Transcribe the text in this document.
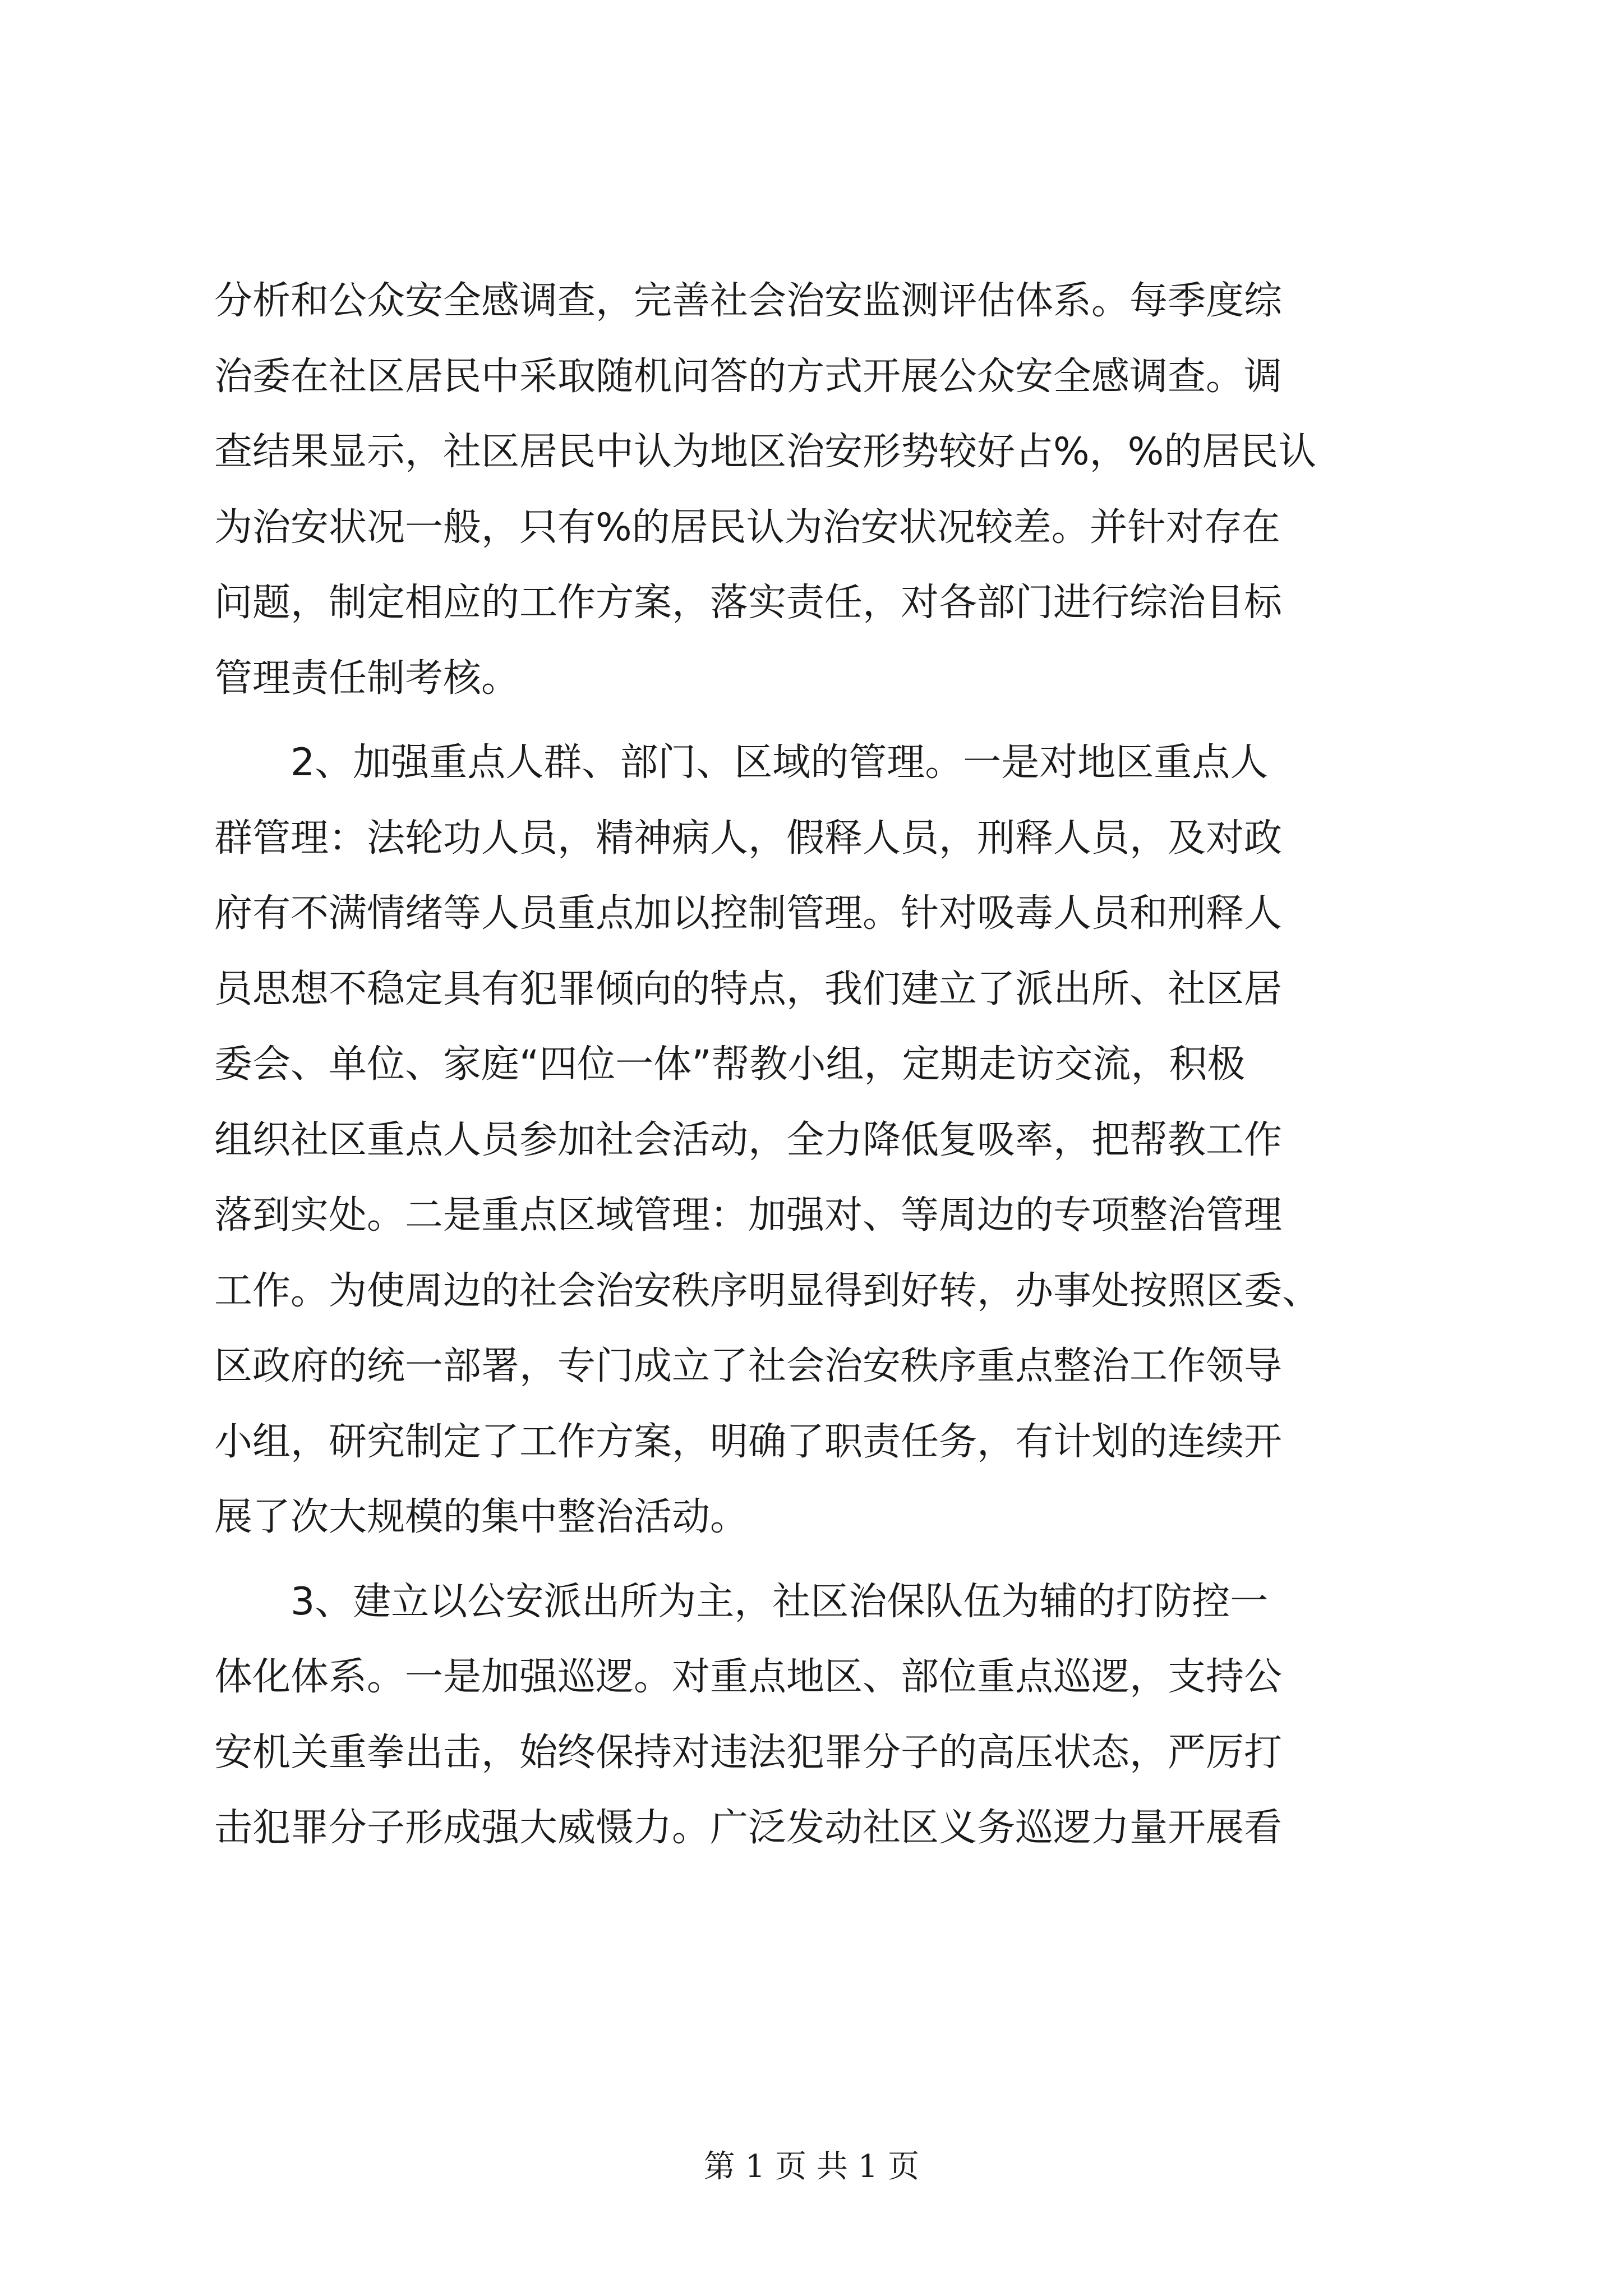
分析和公众安全感调查，完善社会治安监测评估体系。每季度综
治委在社区居民中采取随机问答的方式开展公众安全感调查。调
查结果显示，社区居民中认为地区治安形势较好占%，%的居民认
为治安状况一般，只有%的居民认为治安状况较差。并针对存在
问题，制定相应的工作方案，落实责任，对各部门进行综治目标
管理责任制考核。
　　2、加强重点人群、部门、区域的管理。一是对地区重点人
群管理：法轮功人员，精神病人，假释人员，刑释人员，及对政
府有不满情绪等人员重点加以控制管理。针对吸毒人员和刑释人
员思想不稳定具有犯罪倾向的特点，我们建立了派出所、社区居
委会、单位、家庭“四位一体”帮教小组，定期走访交流，积极
组织社区重点人员参加社会活动，全力降低复吸率，把帮教工作
落到实处。二是重点区域管理：加强对、等周边的专项整治管理
工作。为使周边的社会治安秩序明显得到好转，办事处按照区委、
区政府的统一部署，专门成立了社会治安秩序重点整治工作领导
小组，研究制定了工作方案，明确了职责任务，有计划的连续开
展了次大规模的集中整治活动。
　　3、建立以公安派出所为主，社区治保队伍为辅的打防控一
体化体系。一是加强巡逻。对重点地区、部位重点巡逻，支持公
安机关重拳出击，始终保持对违法犯罪分子的高压状态，严厉打
击犯罪分子形成强大威慑力。广泛发动社区义务巡逻力量开展看
第 1 页 共 1 页
